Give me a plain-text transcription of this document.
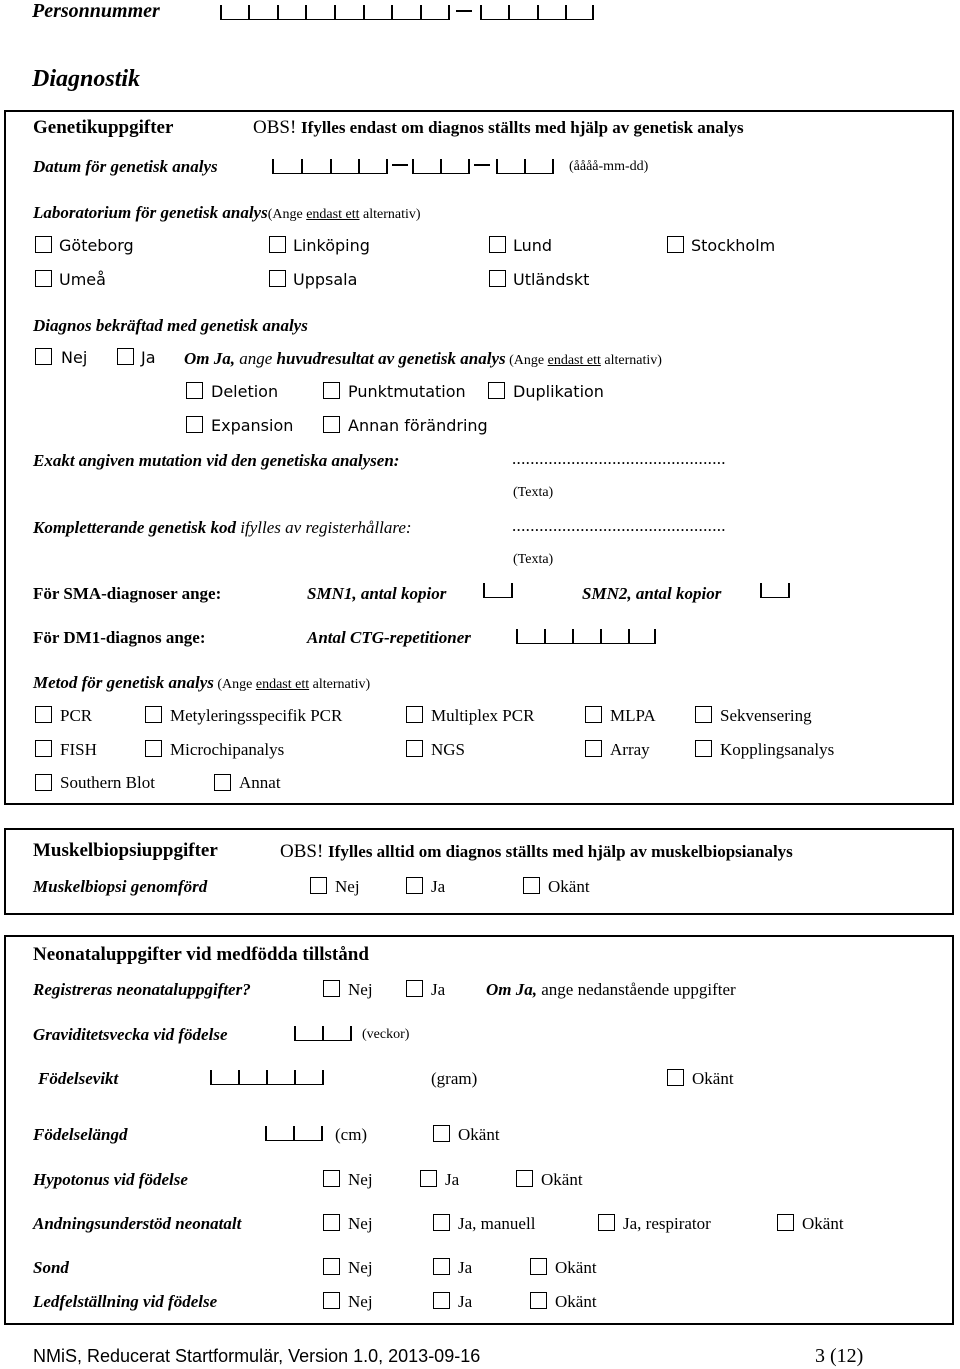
Personnummer
Diagnostik
Genetikuppgifter	OBS! Ifylles endast om diagnos ställts med hjälp av genetisk analys
Datum för genetisk analys	(åååå-mm-dd)
Laboratorium för genetisk analys(Ange endast ett alternativ)
Göteborg	Linköping	Lund	Stockholm
Umeå	Uppsala	Utländskt
Diagnos bekräftad med genetisk analys
Nej	Ja Om Ja, ange huvudresultat av genetisk analys (Ange endast ett alternativ)
Deletion	Punktmutation	Duplikation
Expansion	Annan förändring
Exakt angiven mutation vid den genetiska analysen:	...............................................
(Texta)
Kompletterande genetisk kod ifylles av registerhållare:	...............................................
(Texta)
För SMA-diagnoser ange:	SMN1, antal kopior	SMN2, antal kopior
För DM1-diagnos ange:	Antal CTG-repetitioner
Metod för genetisk analys (Ange endast ett alternativ)
PCR	Metyleringsspecifik PCR	Multiplex PCR	MLPA	Sekvensering
FISH	Microchipanalys	NGS	Array	Kopplingsanalys
Southern Blot	Annat
Muskelbiopsiuppgifter	OBS! Ifylles alltid om diagnos ställts med hjälp av muskelbiopsianalys
Muskelbiopsi genomförd	Nej	Ja	Okänt
Neonataluppgifter vid medfödda tillstånd
Registreras neonataluppgifter?	Nej	Ja Om Ja, ange nedanstående uppgifter
Graviditetsvecka vid födelse	(veckor)
Födelsevikt	(gram)	Okänt
Födelselängd	(cm)	Okänt
Hypotonus vid födelse	Nej	Ja	Okänt
Andningsunderstöd neonatalt	Nej	Ja, manuell	Ja, respirator	Okänt
Sond	Nej	Ja	Okänt
Ledfelställning vid födelse	Nej	Ja	Okänt
NMiS, Reducerat Startformulär, Version 1.0, 2013-09-16	3 (12)
